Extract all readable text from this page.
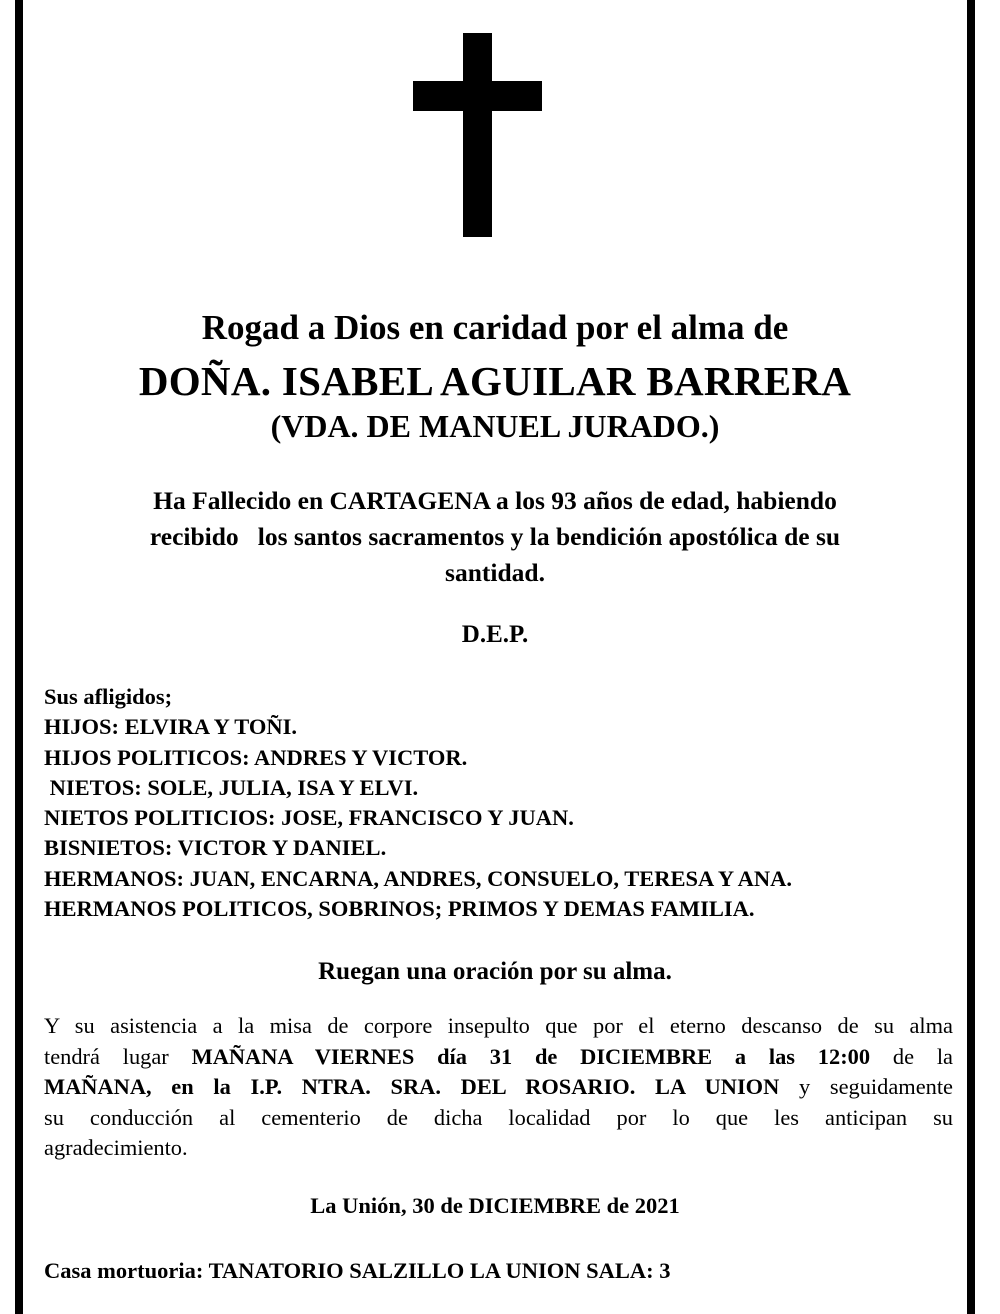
Rogad a Dios en caridad por el alma de

DOÑA. ISABEL AGUILAR BARRERA

(VDA. DE MANUEL JURADO.)

Ha Fallecido en CARTAGENA a los 93 años de edad, habiendo
recibido   los santos sacramentos y la bendición apostólica de su
santidad.

D.E.P.

Sus afligidos;
HIJOS: ELVIRA Y TOÑI.
HIJOS POLITICOS: ANDRES Y VICTOR.
NIETOS: SOLE, JULIA, ISA Y ELVI.
NIETOS POLITICIOS: JOSE, FRANCISCO Y JUAN.
BISNIETOS: VICTOR Y DANIEL.
HERMANOS: JUAN, ENCARNA, ANDRES, CONSUELO, TERESA Y ANA.
HERMANOS POLITICOS, SOBRINOS; PRIMOS Y DEMAS FAMILIA.

Ruegan una oración por su alma.

Y su asistencia a la misa de corpore insepulto que por el eterno descanso de su alma
tendrá lugar MAÑANA VIERNES día 31 de DICIEMBRE a las 12:00 de la
MAÑANA, en la I.P. NTRA. SRA. DEL ROSARIO. LA UNION y seguidamente
su conducción al cementerio de dicha localidad por lo que les anticipan su
agradecimiento.

La Unión, 30 de DICIEMBRE de 2021

Casa mortuoria: TANATORIO SALZILLO LA UNION SALA: 3
